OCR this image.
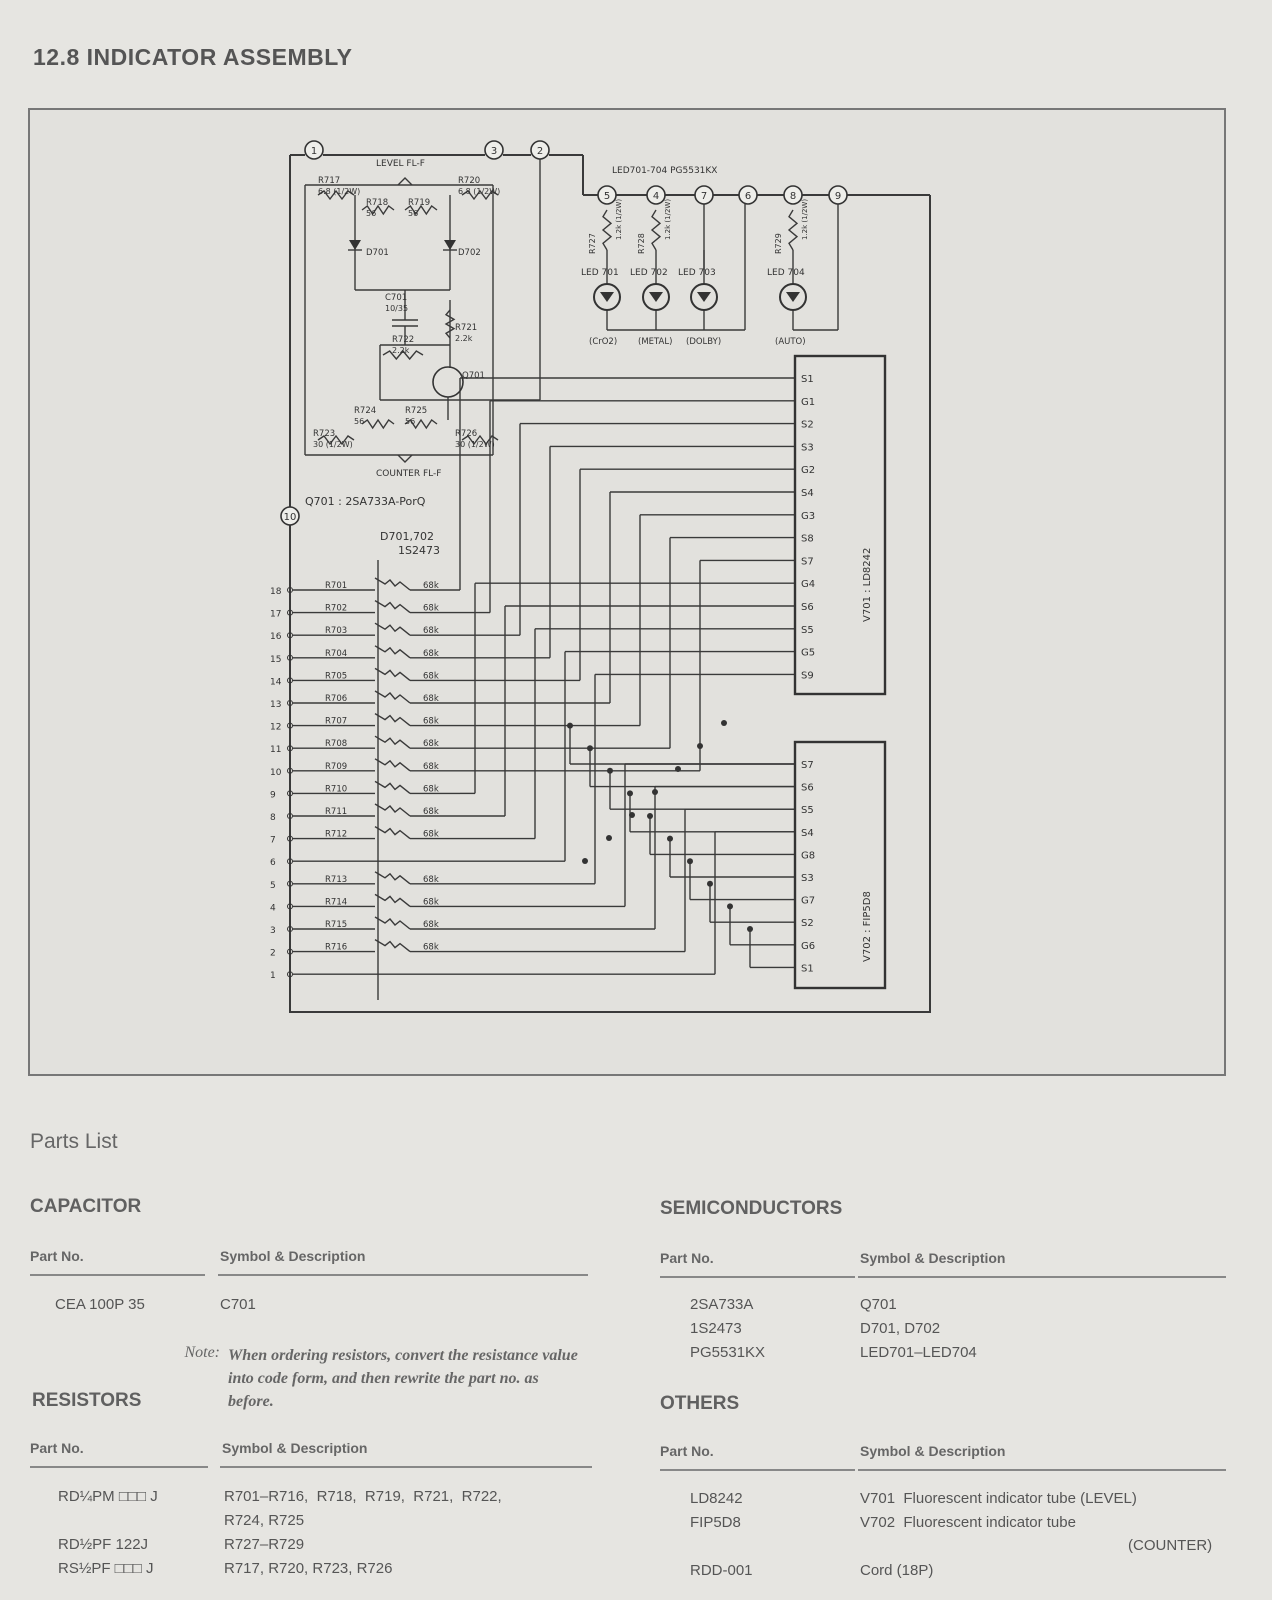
12.8 INDICATOR ASSEMBLY
1	3	2
5	4	7	6	8	9
10
LEVEL FL-F
COUNTER FL-F
R717
6.8 (1/2W)
R718
56
R719
56
R720
6.8 (1/2W)
D701	D702
C701
10/35
R721
2.2k
R722
2.2k
Q701
R723
30 (1/2W)
R724
56
R725
56
R726
30 (1/2W)
Q701 : 2SA733A-PorQ
D701,702
1S2473
LED701-704 PG5531KX
R727
1.2k (1/2W)
R728
1.2k (1/2W)
R729
1.2k (1/2W)
LED 701
(CrO2)
LED 702
(METAL)
LED 703
(DOLBY)
LED 704
(AUTO)
S1
G1
S2
S3
G2
S4
G3
S8
S7
G4
S6
S5
G5
S9
S7
S6
S5
S4
G8
S3
G7
S2
G6
S1
V701 : LD8242
V702 : FIP5D8
18
R701	68k
17
R702	68k
16
R703	68k
15
R704	68k
14
R705	68k
13
R706	68k
12
R707	68k
11
R708	68k
10
R709	68k
9
R710	68k
8
R711	68k
7
R712	68k
6
5
R713	68k
4
R714	68k
3
R715	68k
2
R716	68k
1
Parts List
CAPACITOR
Part No.	Symbol & Description
CEA 100P 35	C701
Note: When ordering resistors, convert the resistance value into code form, and then rewrite the part no. as before.
RESISTORS
Part No.	Symbol & Description
RD¼PM □□□ J	R701–R716,  R718,  R719,  R721,  R722,
R724, R725
RD½PF 122J	R727–R729
RS½PF □□□ J	R717, R720, R723, R726
SEMICONDUCTORS
Part No.	Symbol & Description
2SA733A	Q701
1S2473	D701, D702
PG5531KX	LED701–LED704
OTHERS
Part No.	Symbol & Description
LD8242	V701  Fluorescent indicator tube (LEVEL)
FIP5D8	V702  Fluorescent indicator tube
(COUNTER)
RDD-001	Cord (18P)
